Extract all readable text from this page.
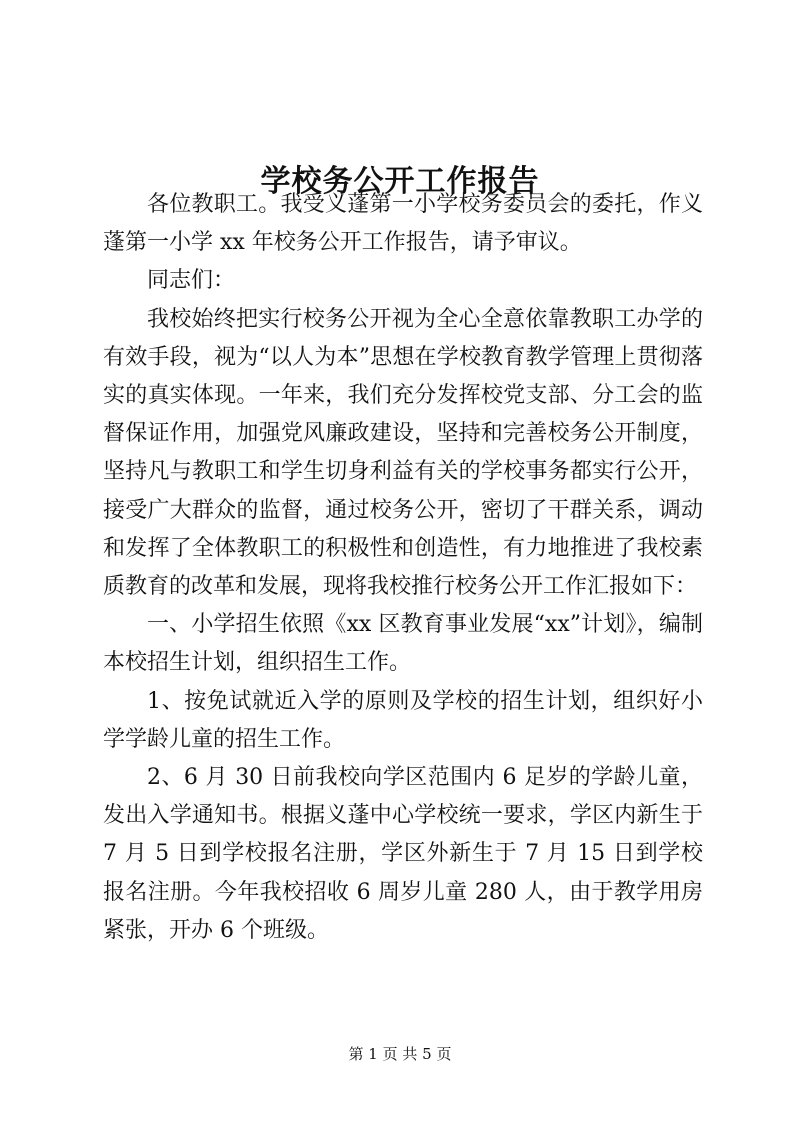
学校务公开工作报告

各位教职工。我受义蓬第一小学校务委员会的委托，作义蓬第一小学 xx 年校务公开工作报告，请予审议。

同志们：

我校始终把实行校务公开视为全心全意依靠教职工办学的有效手段，视为“以人为本”思想在学校教育教学管理上贯彻落实的真实体现。一年来，我们充分发挥校党支部、分工会的监督保证作用，加强党风廉政建设，坚持和完善校务公开制度，坚持凡与教职工和学生切身利益有关的学校事务都实行公开，接受广大群众的监督，通过校务公开，密切了干群关系，调动和发挥了全体教职工的积极性和创造性，有力地推进了我校素质教育的改革和发展，现将我校推行校务公开工作汇报如下：

一、小学招生依照《xx 区教育事业发展“xx”计划》，编制本校招生计划，组织招生工作。

1、按免试就近入学的原则及学校的招生计划，组织好小学学龄儿童的招生工作。

2、6 月 30 日前我校向学区范围内 6 足岁的学龄儿童，发出入学通知书。根据义蓬中心学校统一要求，学区内新生于 7 月 5 日到学校报名注册，学区外新生于 7 月 15 日到学校报名注册。今年我校招收 6 周岁儿童 280 人，由于教学用房紧张，开办 6 个班级。

第 1 页 共 5 页
